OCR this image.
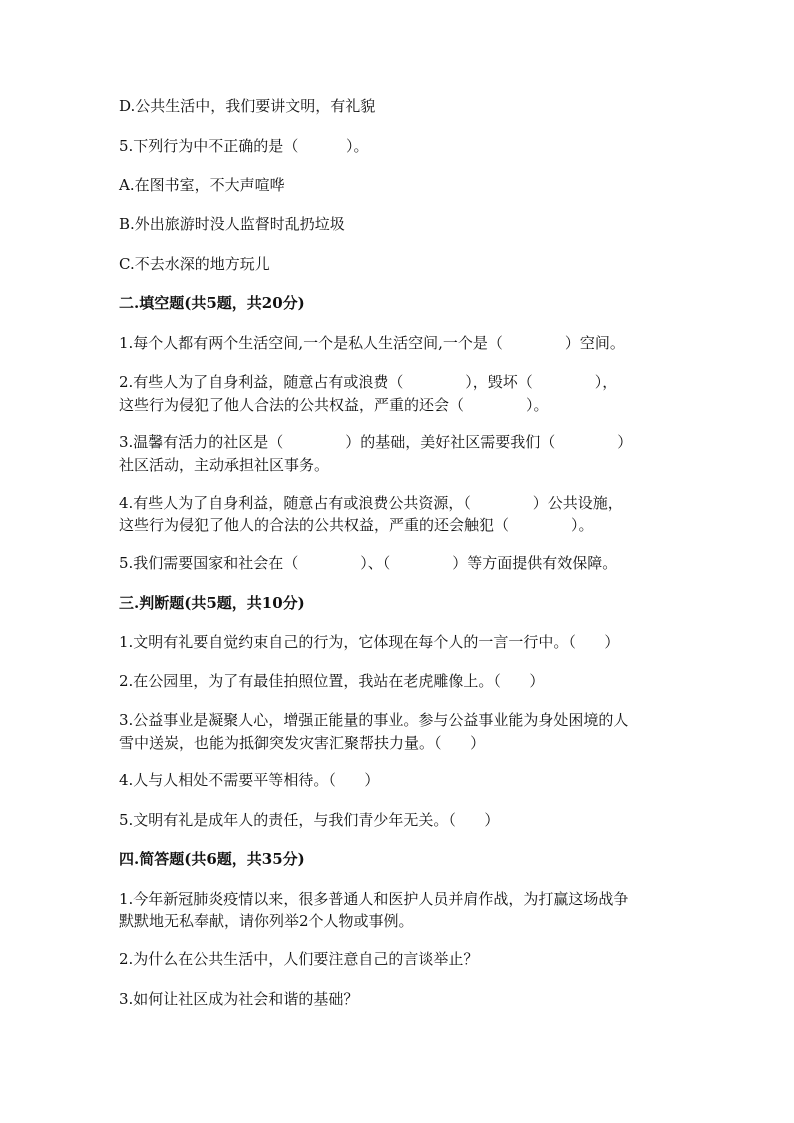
D.公共生活中，我们要讲文明，有礼貌
5.下列行为中不正确的是（          ）。
A.在图书室，不大声喧哗
B.外出旅游时没人监督时乱扔垃圾
C.不去水深的地方玩儿
二.填空题(共5题，共20分)
1.每个人都有两个生活空间,一个是私人生活空间,一个是（             ）空间。
2.有些人为了自身利益，随意占有或浪费（             ），毁坏（             ），
这些行为侵犯了他人合法的公共权益，严重的还会（             ）。
3.温馨有活力的社区是（             ）的基础，美好社区需要我们（             ）
社区活动，主动承担社区事务。
4.有些人为了自身利益，随意占有或浪费公共资源，（             ）公共设施，
这些行为侵犯了他人的合法的公共权益，严重的还会触犯（             ）。
5.我们需要国家和社会在（             ）、（             ）等方面提供有效保障。
三.判断题(共5题，共10分)
1.文明有礼要自觉约束自己的行为，它体现在每个人的一言一行中。（      ）
2.在公园里，为了有最佳拍照位置，我站在老虎雕像上。（      ）
3.公益事业是凝聚人心，增强正能量的事业。参与公益事业能为身处困境的人
雪中送炭，也能为抵御突发灾害汇聚帮扶力量。（      ）
4.人与人相处不需要平等相待。（      ）
5.文明有礼是成年人的责任，与我们青少年无关。（      ）
四.简答题(共6题，共35分)
1.今年新冠肺炎疫情以来，很多普通人和医护人员并肩作战，为打赢这场战争
默默地无私奉献，请你列举2个人物或事例。
2.为什么在公共生活中，人们要注意自己的言谈举止？
3.如何让社区成为社会和谐的基础？
